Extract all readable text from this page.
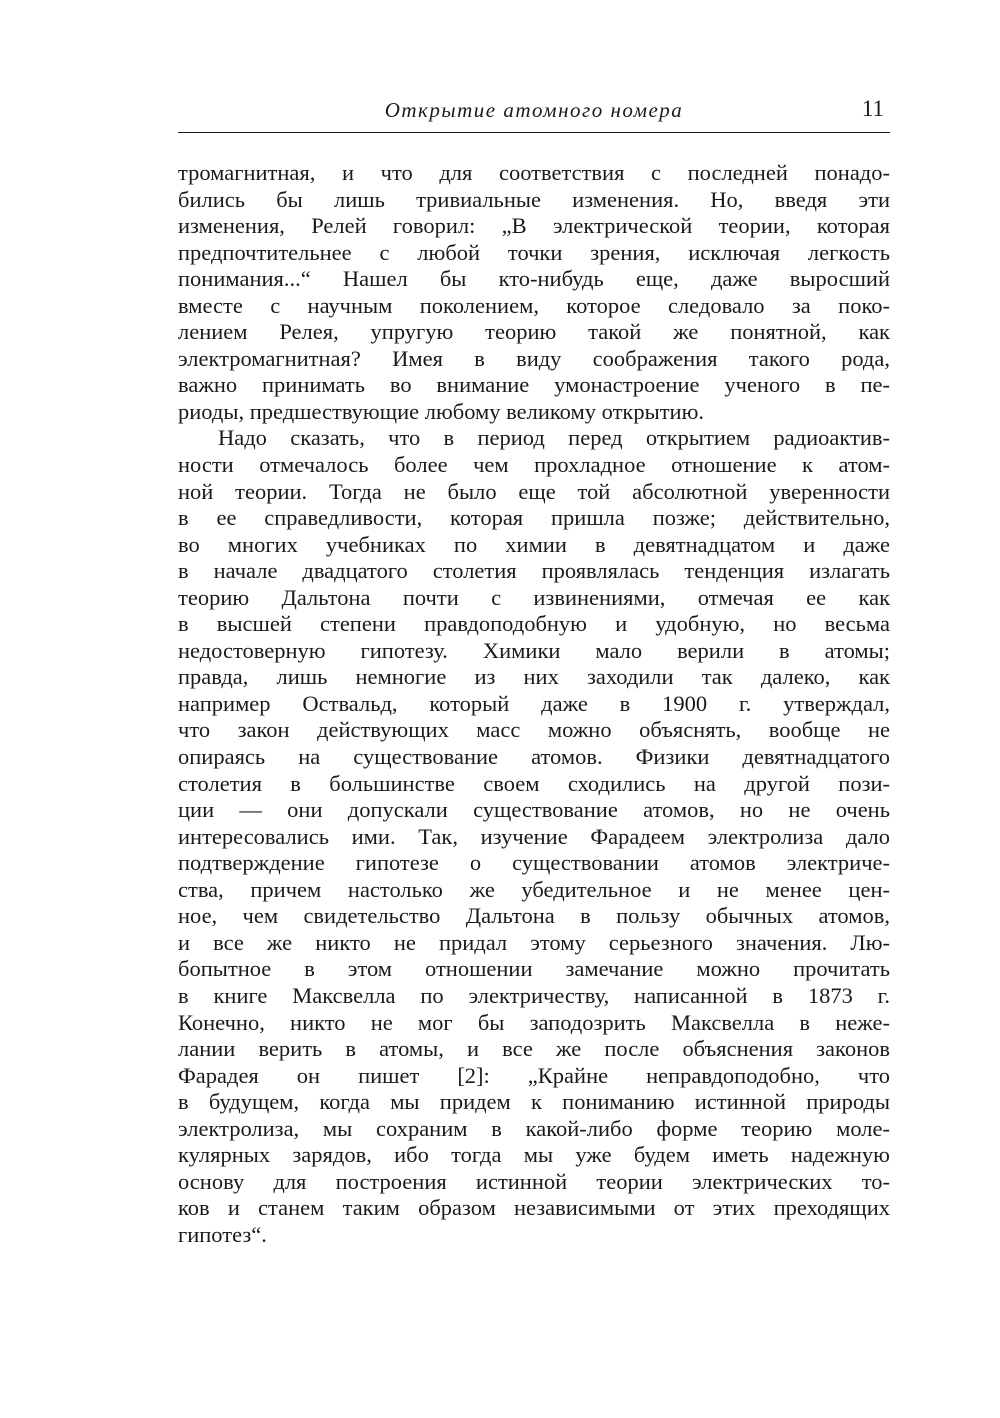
Открытие атомного номера	11
тромагнитная, и что для соответствия с последней понадо-
бились бы лишь тривиальные изменения. Но, введя эти
изменения, Релей говорил: „В электрической теории, которая
предпочтительнее с любой точки зрения, исключая легкость
понимания...“ Нашел бы кто-нибудь еще, даже выросший
вместе с научным поколением, которое следовало за поко-
лением Релея, упругую теорию такой же понятной, как
электромагнитная? Имея в виду соображения такого рода,
важно принимать во внимание умонастроение ученого в пе-
риоды, предшествующие любому великому открытию.
Надо сказать, что в период перед открытием радиоактив-
ности отмечалось более чем прохладное отношение к атом-
ной теории. Тогда не было еще той абсолютной уверенности
в ее справедливости, которая пришла позже; действительно,
во многих учебниках по химии в девятнадцатом и даже
в начале двадцатого столетия проявлялась тенденция излагать
теорию Дальтона почти с извинениями, отмечая ее как
в высшей степени правдоподобную и удобную, но весьма
недостоверную гипотезу. Химики мало верили в атомы;
правда, лишь немногие из них заходили так далеко, как
например Оствальд, который даже в 1900 г. утверждал,
что закон действующих масс можно объяснять, вообще не
опираясь на существование атомов. Физики девятнадцатого
столетия в большинстве своем сходились на другой пози-
ции — они допускали существование атомов, но не очень
интересовались ими. Так, изучение Фарадеем электролиза дало
подтверждение гипотезе о существовании атомов электриче-
ства, причем настолько же убедительное и не менее цен-
ное, чем свидетельство Дальтона в пользу обычных атомов,
и все же никто не придал этому серьезного значения. Лю-
бопытное в этом отношении замечание можно прочитать
в книге Максвелла по электричеству, написанной в 1873 г.
Конечно, никто не мог бы заподозрить Максвелла в неже-
лании верить в атомы, и все же после объяснения законов
Фарадея он пишет [2]: „Крайне неправдоподобно, что
в будущем, когда мы придем к пониманию истинной природы
электролиза, мы сохраним в какой-либо форме теорию моле-
кулярных зарядов, ибо тогда мы уже будем иметь надежную
основу для построения истинной теории электрических то-
ков и станем таким образом независимыми от этих преходящих
гипотез“.
